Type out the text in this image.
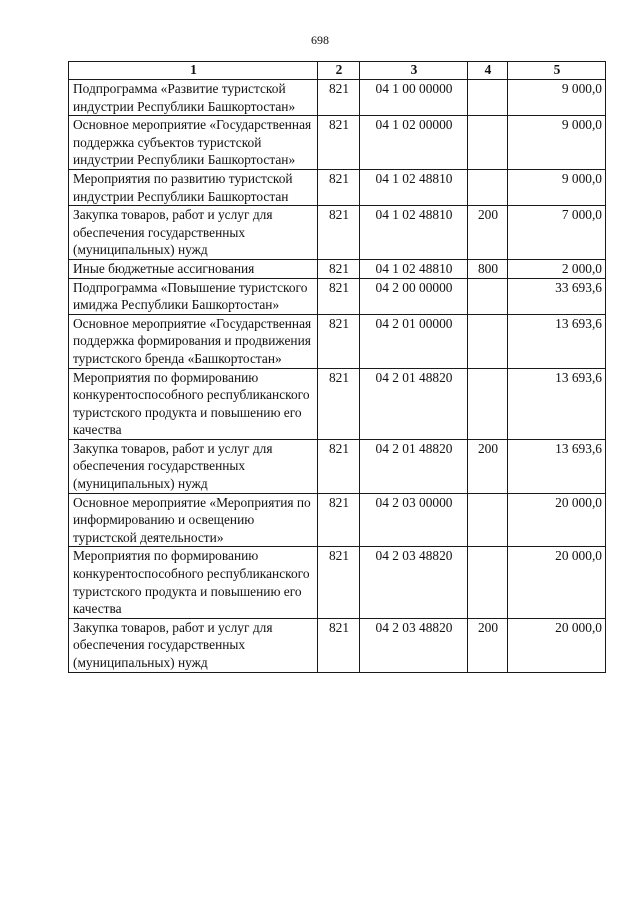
698
1	2	3	4	5
Подпрограмма «Развитие туристской индустрии Республики Башкортостан»	821	04 1 00 00000		9 000,0
Основное мероприятие «Государственная поддержка субъектов туристской индустрии Республики Башкортостан»	821	04 1 02 00000		9 000,0
Мероприятия по развитию туристской индустрии Республики Башкортостан	821	04 1 02 48810		9 000,0
Закупка товаров, работ и услуг для обеспечения государственных (муниципальных) нужд	821	04 1 02 48810	200	7 000,0
Иные бюджетные ассигнования	821	04 1 02 48810	800	2 000,0
Подпрограмма «Повышение туристского имиджа Республики Башкортостан»	821	04 2 00 00000		33 693,6
Основное мероприятие «Государственная поддержка формирования и продвижения туристского бренда «Башкортостан»	821	04 2 01 00000		13 693,6
Мероприятия по формированию конкурентоспособного республиканского туристского продукта и повышению его качества	821	04 2 01 48820		13 693,6
Закупка товаров, работ и услуг для обеспечения государственных (муниципальных) нужд	821	04 2 01 48820	200	13 693,6
Основное мероприятие «Мероприятия по информированию и освещению туристской деятельности»	821	04 2 03 00000		20 000,0
Мероприятия по формированию конкурентоспособного республиканского туристского продукта и повышению его качества	821	04 2 03 48820		20 000,0
Закупка товаров, работ и услуг для обеспечения государственных (муниципальных) нужд	821	04 2 03 48820	200	20 000,0
